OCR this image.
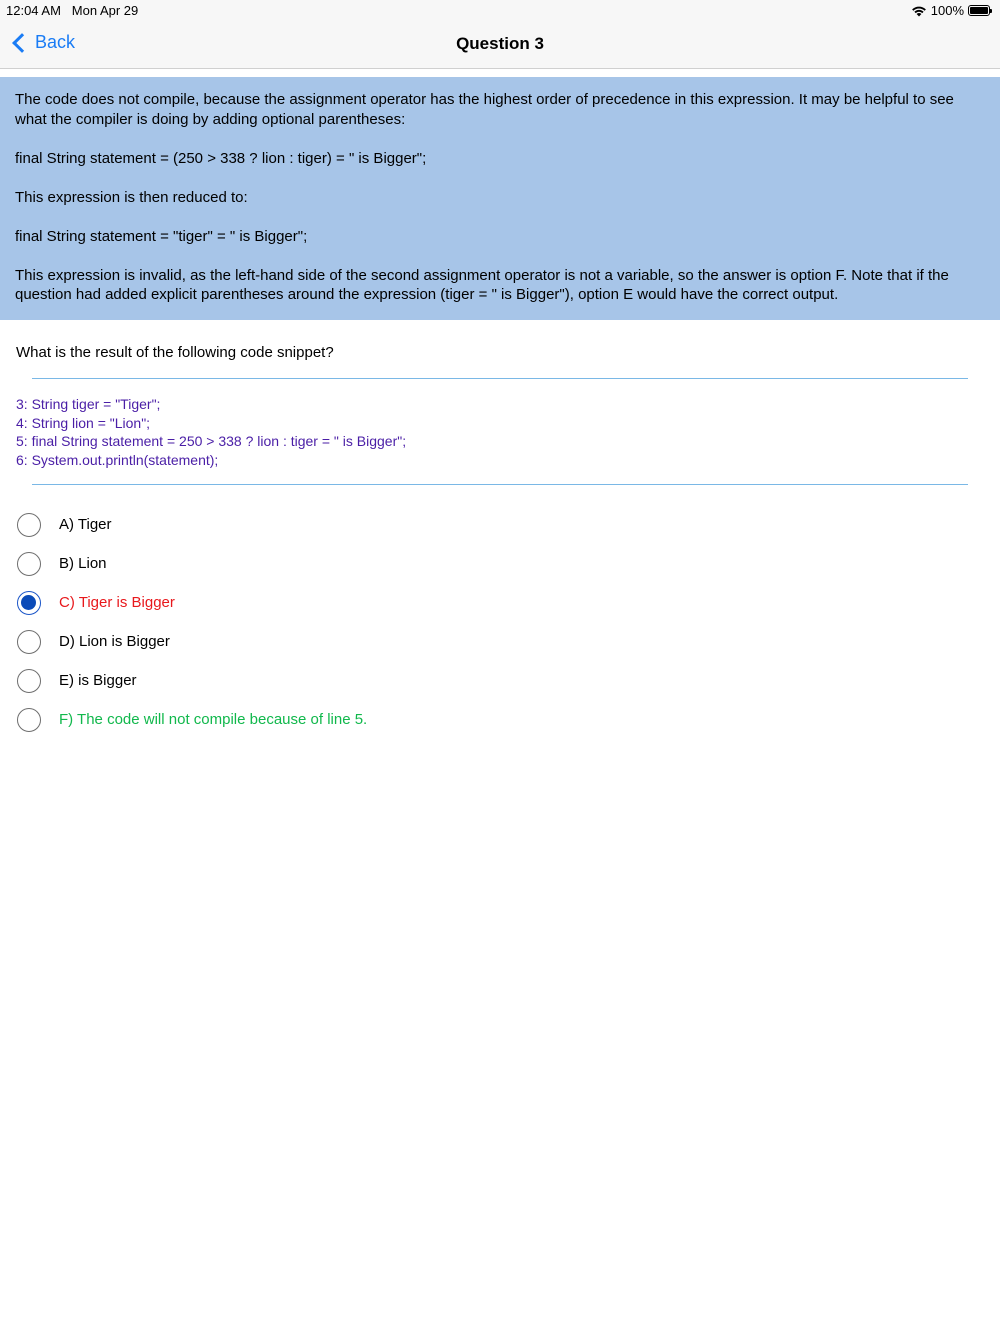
12:04 AM Mon Apr 29	100%
Back	Question 3

The code does not compile, because the assignment operator has the highest order of precedence in this expression. It may be helpful to see what the compiler is doing by adding optional parentheses:

final String statement = (250 > 338 ? lion : tiger) = " is Bigger";

This expression is then reduced to:

final String statement = "tiger" = " is Bigger";

This expression is invalid, as the left-hand side of the second assignment operator is not a variable, so the answer is option F. Note that if the question had added explicit parentheses around the expression (tiger = " is Bigger"), option E would have the correct output.

What is the result of the following code snippet?
3: String tiger = "Tiger";
4: String lion = "Lion";
5: final String statement = 250 > 338 ? lion : tiger = " is Bigger";
6: System.out.println(statement);
A) Tiger
B) Lion
C) Tiger is Bigger
D) Lion is Bigger
E) is Bigger
F) The code will not compile because of line 5.
